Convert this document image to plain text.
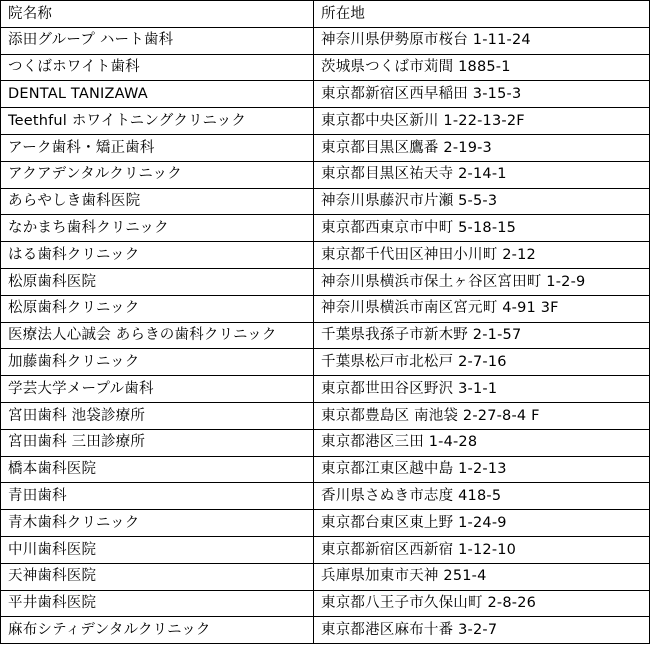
院名称	所在地
添田グループ ハート歯科	神奈川県伊勢原市桜台 1-11-24
つくばホワイト歯科	茨城県つくば市苅間 1885-1
DENTAL TANIZAWA	東京都新宿区西早稲田 3-15-3
Teethful ホワイトニングクリニック	東京都中央区新川 1-22-13-2F
アーク歯科・矯正歯科	東京都目黒区鷹番 2-19-3
アクアデンタルクリニック	東京都目黒区祐天寺 2-14-1
あらやしき歯科医院	神奈川県藤沢市片瀬 5-5-3
なかまち歯科クリニック	東京都西東京市中町 5-18-15
はる歯科クリニック	東京都千代田区神田小川町 2-12
松原歯科医院	神奈川県横浜市保土ヶ谷区宮田町 1-2-9
松原歯科クリニック	神奈川県横浜市南区宮元町 4-91 3F
医療法人心誠会 あらきの歯科クリニック	千葉県我孫子市新木野 2-1-57
加藤歯科クリニック	千葉県松戸市北松戸 2-7-16
学芸大学メープル歯科	東京都世田谷区野沢 3-1-1
宮田歯科 池袋診療所	東京都豊島区 南池袋 2-27-8-4 F
宮田歯科 三田診療所	東京都港区三田 1-4-28
橋本歯科医院	東京都江東区越中島 1-2-13
青田歯科	香川県さぬき市志度 418-5
青木歯科クリニック	東京都台東区東上野 1-24-9
中川歯科医院	東京都新宿区西新宿 1-12-10
天神歯科医院	兵庫県加東市天神 251-4
平井歯科医院	東京都八王子市久保山町 2-8-26
麻布シティデンタルクリニック	東京都港区麻布十番 3-2-7
